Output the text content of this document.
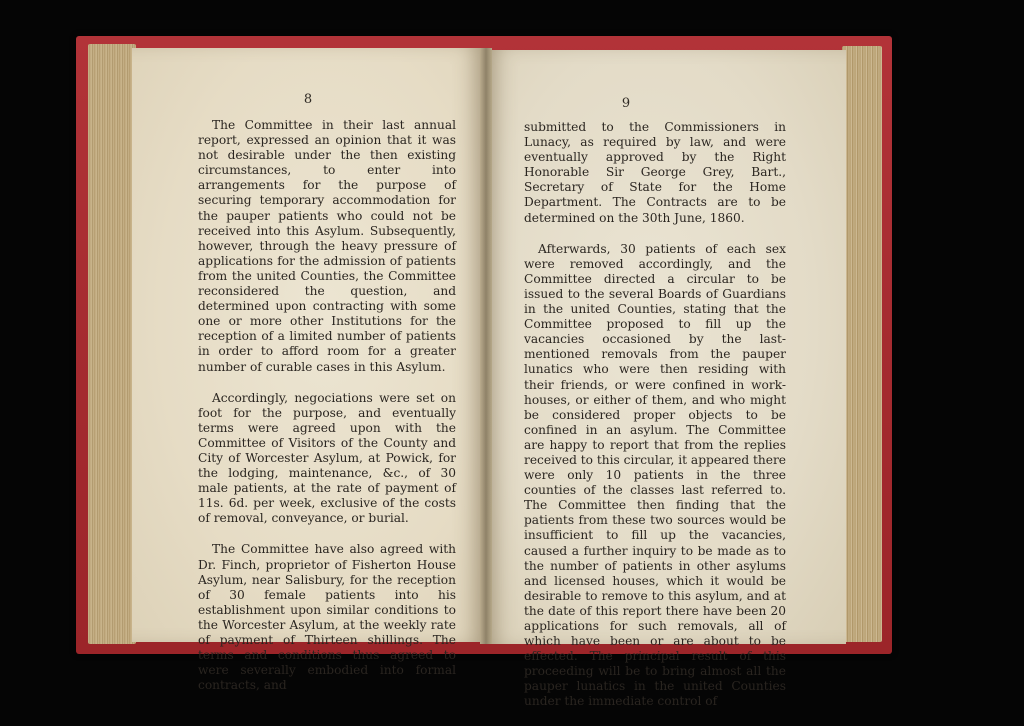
8

The Committee in their last annual report, expressed an opinion that it was not desirable under the then existing circumstances, to enter into arrangements for the purpose of securing temporary accommodation for the pauper patients who could not be received into this Asylum. Subsequently, however, through the heavy pressure of applications for the admission of patients from the united Counties, the Committee reconsidered the question, and determined upon contracting with some one or more other Institutions for the reception of a limited number of patients in order to afford room for a greater number of curable cases in this Asylum.

Accordingly, negociations were set on foot for the purpose, and eventually terms were agreed upon with the Committee of Visitors of the County and City of Worcester Asylum, at Powick, for the lodging, maintenance, &c., of 30 male patients, at the rate of payment of 11s. 6d. per week, exclusive of the costs of removal, conveyance, or burial.

The Committee have also agreed with Dr. Finch, proprietor of Fisherton House Asylum, near Salisbury, for the reception of 30 female patients into his establishment upon similar conditions to the Worcester Asylum, at the weekly rate of payment of Thirteen shillings. The terms and conditions thus agreed to were severally embodied into formal contracts, and

9

submitted to the Commissioners in Lunacy, as required by law, and were eventually approved by the Right Honorable Sir George Grey, Bart., Secretary of State for the Home Department. The Contracts are to be determined on the 30th June, 1860.

Afterwards, 30 patients of each sex were removed accordingly, and the Committee directed a circular to be issued to the several Boards of Guardians in the united Counties, stating that the Committee proposed to fill up the vacancies occasioned by the last-mentioned removals from the pauper lunatics who were then residing with their friends, or were confined in work-houses, or either of them, and who might be considered proper objects to be confined in an asylum. The Committee are happy to report that from the replies received to this circular, it appeared there were only 10 patients in the three counties of the classes last referred to. The Committee then finding that the patients from these two sources would be insufficient to fill up the vacancies, caused a further inquiry to be made as to the number of patients in other asylums and licensed houses, which it would be desirable to remove to this asylum, and at the date of this report there have been 20 applications for such removals, all of which have been or are about to be effected. The principal result of this proceeding will be to bring almost all the pauper lunatics in the united Counties under the immediate control of
